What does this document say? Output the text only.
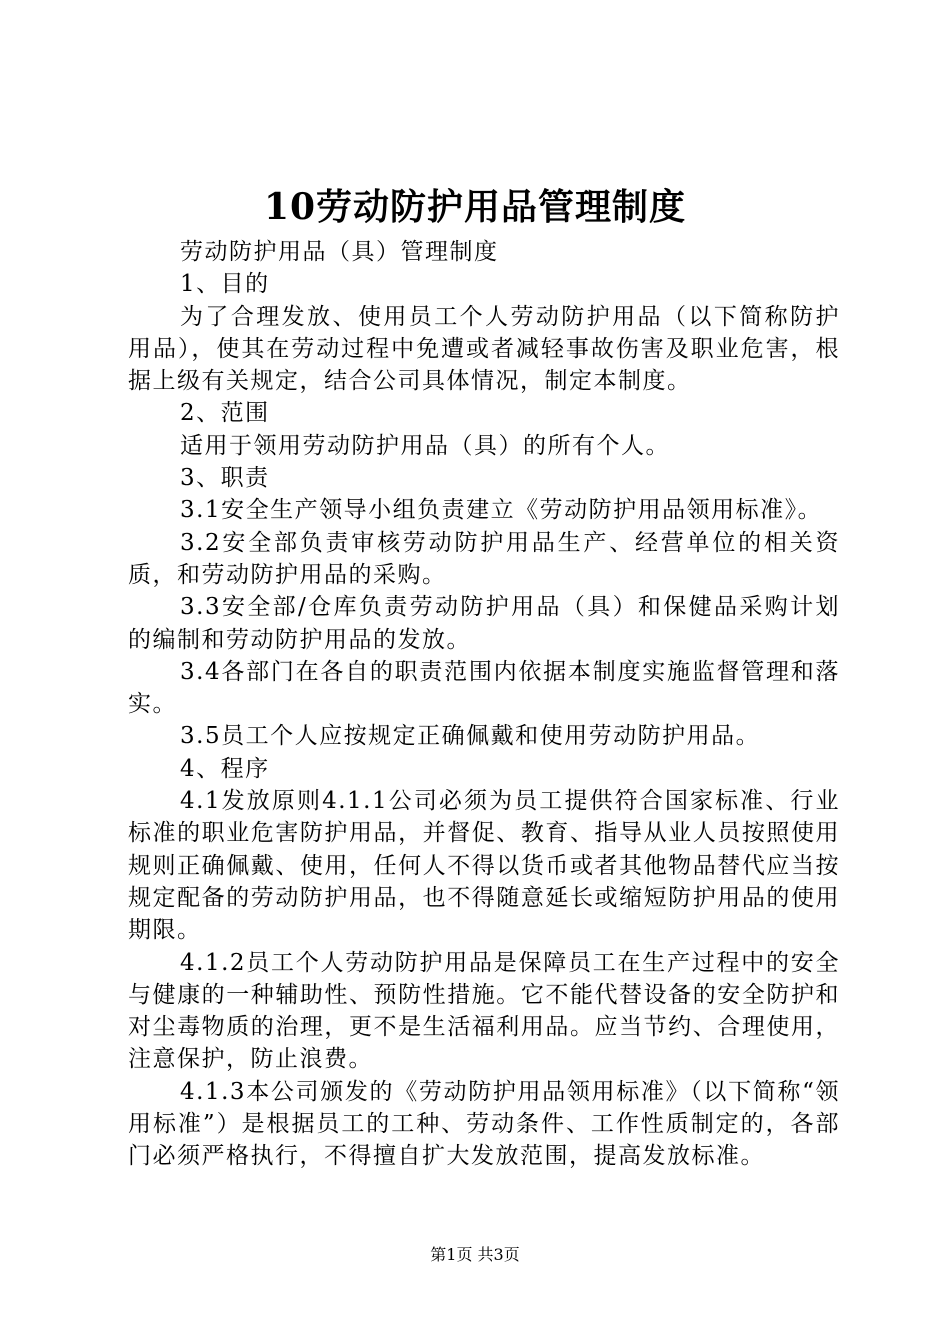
10劳动防护用品管理制度

劳动防护用品（具）管理制度

1、目的

为了合理发放、使用员工个人劳动防护用品（以下简称防护用品），使其在劳动过程中免遭或者减轻事故伤害及职业危害，根据上级有关规定，结合公司具体情况，制定本制度。

2、范围

适用于领用劳动防护用品（具）的所有个人。

3、职责

3.1安全生产领导小组负责建立《劳动防护用品领用标准》。

3.2安全部负责审核劳动防护用品生产、经营单位的相关资质，和劳动防护用品的采购。

3.3安全部/仓库负责劳动防护用品（具）和保健品采购计划的编制和劳动防护用品的发放。

3.4各部门在各自的职责范围内依据本制度实施监督管理和落实。

3.5员工个人应按规定正确佩戴和使用劳动防护用品。

4、程序

4.1发放原则4.1.1公司必须为员工提供符合国家标准、行业标准的职业危害防护用品，并督促、教育、指导从业人员按照使用规则正确佩戴、使用，任何人不得以货币或者其他物品替代应当按规定配备的劳动防护用品，也不得随意延长或缩短防护用品的使用期限。

4.1.2员工个人劳动防护用品是保障员工在生产过程中的安全与健康的一种辅助性、预防性措施。它不能代替设备的安全防护和对尘毒物质的治理，更不是生活福利用品。应当节约、合理使用，注意保护，防止浪费。

4.1.3本公司颁发的《劳动防护用品领用标准》（以下简称“领用标准”）是根据员工的工种、劳动条件、工作性质制定的，各部门必须严格执行，不得擅自扩大发放范围，提高发放标准。

第1页 共3页
